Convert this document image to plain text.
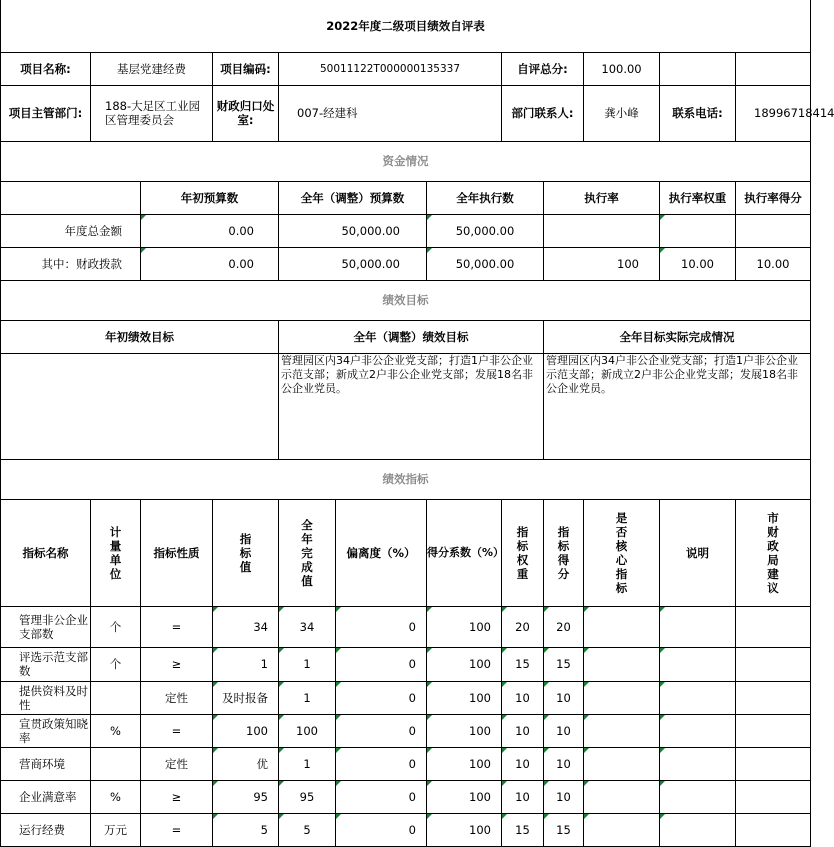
2022年度二级项目绩效自评表											
项目名称:	基层党建经费		项目编码:	50011122T000000135337			自评总分:		100.00		
项目主管部门:	188-大足区工业园区管理委员会		财政归口处室:	007-经建科			部门联系人:		龚小峰	联系电话:	18996718414
资金情况											
		年初预算数		全年（调整）预算数		全年执行数		执行率		执行率权重	执行率得分
年度总金额		0.00		50,000.00		50,000.00					
其中：财政拨款		0.00		50,000.00		50,000.00		100		10.00	10.00
绩效目标											
年初绩效目标				全年（调整）绩效目标				全年目标实际完成情况			
				管理园区内34户非公企业党支部；打造1户非公企业示范支部；新成立2户非公企业党支部；发展18名非公企业党员。				管理园区内34户非公企业党支部；打造1户非公企业示范支部；新成立2户非公企业党支部；发展18名非公企业党员。			
绩效指标											
指标名称	计量单位	指标性质	指标值	全年完成值	偏离度（%）	得分系数（%）	指标权重	指标得分	是否核心指标	说明	市财政局建议
管理非公企业支部数	个	=	34	34	0	100	20	20			
评选示范支部数	个	≥	1	1	0	100	15	15			
提供资料及时性		定性	及时报备	1	0	100	10	10			
宣贯政策知晓率	%	=	100	100	0	100	10	10			
营商环境		定性	优	1	0	100	10	10			
企业满意率	%	≥	95	95	0	100	10	10			
运行经费	万元	=	5	5	0	100	15	15			
